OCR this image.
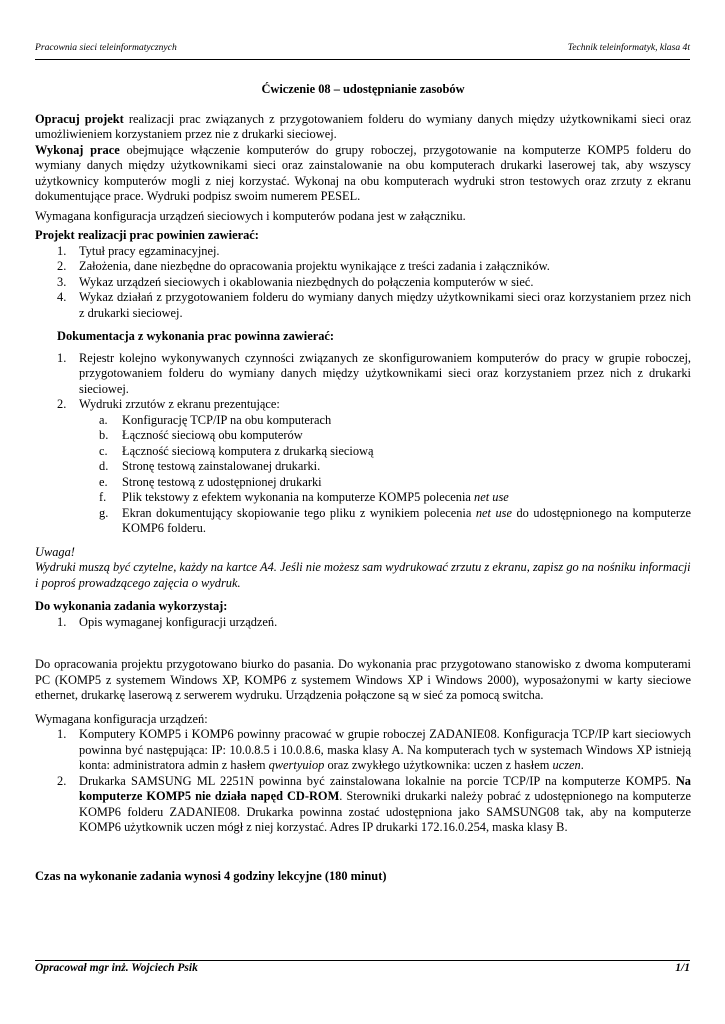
Pracownia sieci teleinformatycznych	Technik teleinformatyk, klasa 4t
Ćwiczenie 08 – udostępnianie zasobów

Opracuj projekt realizacji prac związanych z przygotowaniem folderu do wymiany danych między użytkownikami sieci oraz umożliwieniem korzystaniem przez nie z drukarki sieciowej.

Wykonaj prace obejmujące włączenie komputerów do grupy roboczej, przygotowanie na komputerze KOMP5 folderu do wymiany danych między użytkownikami sieci oraz zainstalowanie na obu komputerach drukarki laserowej tak, aby wszyscy użytkownicy komputerów mogli z niej korzystać. Wykonaj na obu komputerach wydruki stron testowych oraz zrzuty z ekranu dokumentujące prace. Wydruki podpisz swoim numerem PESEL.

Wymagana konfiguracja urządzeń sieciowych i komputerów podana jest w załączniku.

Projekt realizacji prac powinien zawierać:

1. Tytuł pracy egzaminacyjnej.
2. Założenia, dane niezbędne do opracowania projektu wynikające z treści zadania i załączników.
3. Wykaz urządzeń sieciowych i okablowania niezbędnych do połączenia komputerów w sieć.
4. Wykaz działań z przygotowaniem folderu do wymiany danych między użytkownikami sieci oraz korzystaniem przez nich z drukarki sieciowej.
Dokumentacja z wykonania prac powinna zawierać:
1. Rejestr kolejno wykonywanych czynności związanych ze skonfigurowaniem komputerów do pracy w grupie roboczej, przygotowaniem folderu do wymiany danych między użytkownikami sieci oraz korzystaniem przez nich z drukarki sieciowej.
2. Wydruki zrzutów z ekranu prezentujące:
a. Konfigurację TCP/IP na obu komputerach
b. Łączność sieciową obu komputerów
c. Łączność sieciową komputera z drukarką sieciową
d. Stronę testową zainstalowanej drukarki.
e. Stronę testową z udostępnionej drukarki
f. Plik tekstowy z efektem wykonania na komputerze KOMP5 polecenia net use
g. Ekran dokumentujący skopiowanie tego pliku z wynikiem polecenia net use do udostępnionego na komputerze KOMP6 folderu.
Uwaga!
Wydruki muszą być czytelne, każdy na kartce A4. Jeśli nie możesz sam wydrukować zrzutu z ekranu, zapisz go na nośniku informacji i poproś prowadzącego zajęcia o wydruk.

Do wykonania zadania wykorzystaj:

1. Opis wymaganej konfiguracji urządzeń.

Do opracowania projektu przygotowano biurko do pasania. Do wykonania prac przygotowano stanowisko z dwoma komputerami PC (KOMP5 z systemem Windows XP, KOMP6 z systemem Windows XP i Windows 2000), wyposażonymi w karty sieciowe ethernet, drukarkę laserową z serwerem wydruku. Urządzenia połączone są w sieć za pomocą switcha.

Wymagana konfiguracja urządzeń:

1. Komputery KOMP5 i KOMP6 powinny pracować w grupie roboczej ZADANIE08. Konfiguracja TCP/IP kart sieciowych powinna być następująca: IP: 10.0.8.5 i 10.0.8.6, maska klasy A. Na komputerach tych w systemach Windows XP istnieją konta: administratora admin z hasłem qwertyuiop oraz zwykłego użytkownika: uczen z hasłem uczen.
2. Drukarka SAMSUNG ML 2251N powinna być zainstalowana lokalnie na porcie TCP/IP na komputerze KOMP5. Na komputerze KOMP5 nie działa napęd CD-ROM. Sterowniki drukarki należy pobrać z udostępnionego na komputerze KOMP6 folderu ZADANIE08. Drukarka powinna zostać udostępniona jako SAMSUNG08 tak, aby na komputerze KOMP6 użytkownik uczen mógł z niej korzystać. Adres IP drukarki 172.16.0.254, maska klasy B.

Czas na wykonanie zadania wynosi 4 godziny lekcyjne (180 minut)

Opracował mgr inż. Wojciech Psik	1/1
